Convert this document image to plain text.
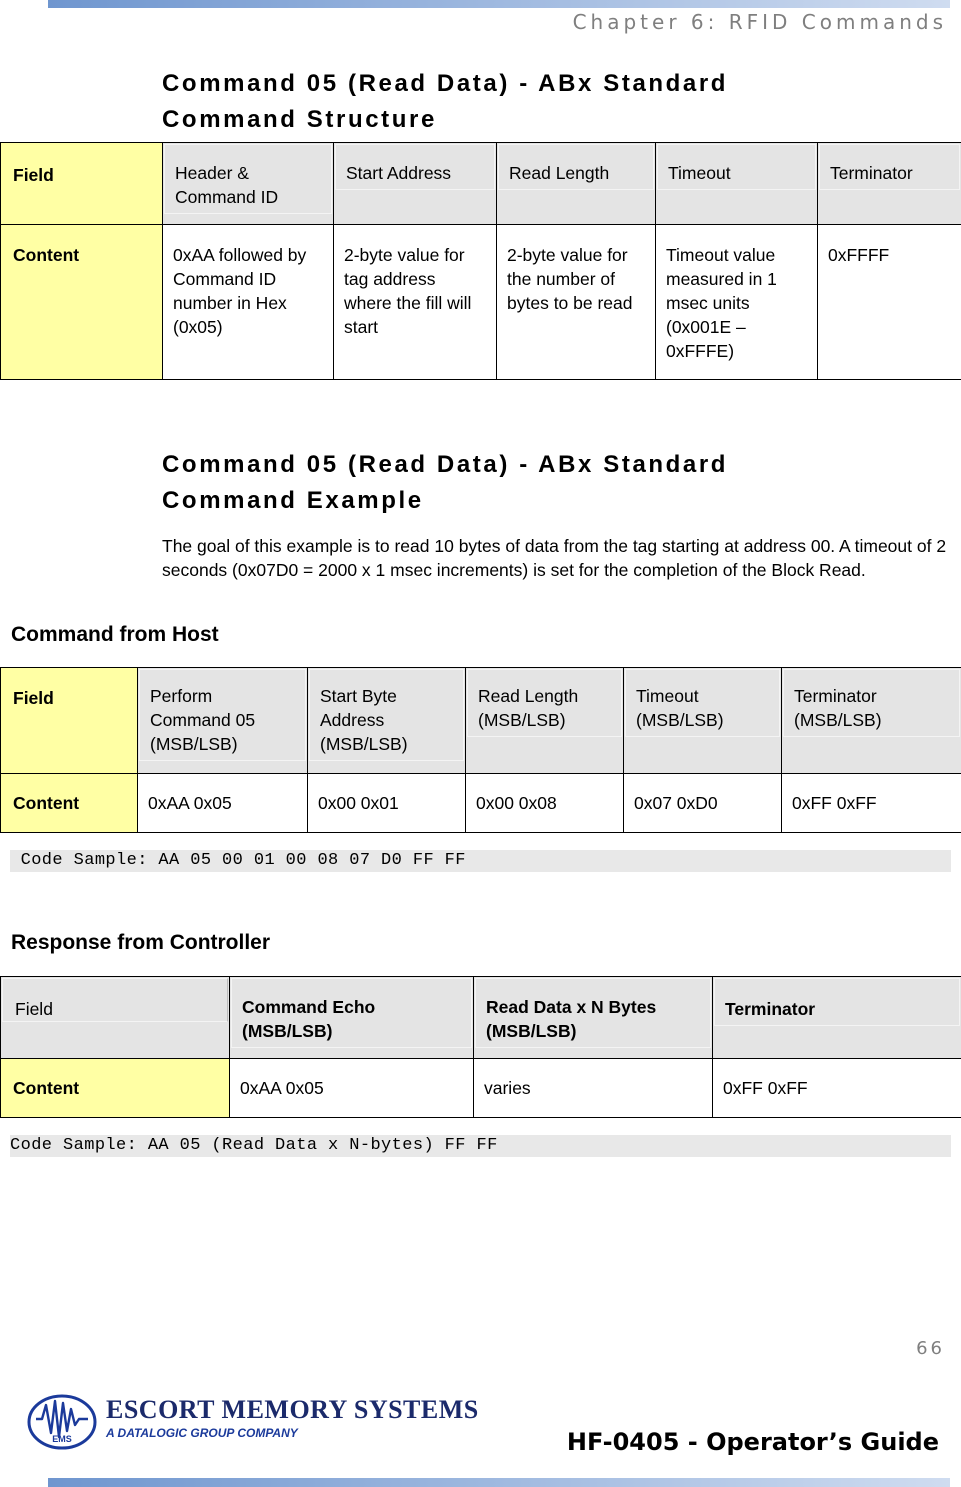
Chapter 6: RFID Commands
Command 05 (Read Data) - ABx Standard
Command Structure
Field	Header & Command ID	Start Address	Read Length	Timeout	Terminator

Content	0xAA followed by Command ID number in Hex (0x05)	2-byte value for tag address where the fill will start	2-byte value for the number of bytes to be read	Timeout value measured in 1 msec units (0x001E – 0xFFFE)	0xFFFF
Command 05 (Read Data) - ABx Standard
Command Example

The goal of this example is to read 10 bytes of data from the tag starting at address 00. A timeout of 2 seconds (0x07D0 = 2000 x 1 msec increments) is set for the completion of the Block Read.

Command from Host
Field	Perform Command 05 (MSB/LSB)	Start Byte Address (MSB/LSB)	Read Length (MSB/LSB)	Timeout (MSB/LSB)	Terminator (MSB/LSB)

Content	0xAA 0x05	0x00 0x01	0x00 0x08	0x07 0xD0	0xFF 0xFF
Code Sample: AA 05 00 01 00 08 07 D0 FF FF
Response from Controller
Field	Command Echo (MSB/LSB)	Read Data x N Bytes (MSB/LSB)	Terminator

Content	0xAA 0x05	varies	0xFF 0xFF
Code Sample: AA 05 (Read Data x N-bytes) FF FF
66
EMS
ESCORT MEMORY SYSTEMS
A DATALOGIC GROUP COMPANY	HF-0405 - Operator’s Guide
